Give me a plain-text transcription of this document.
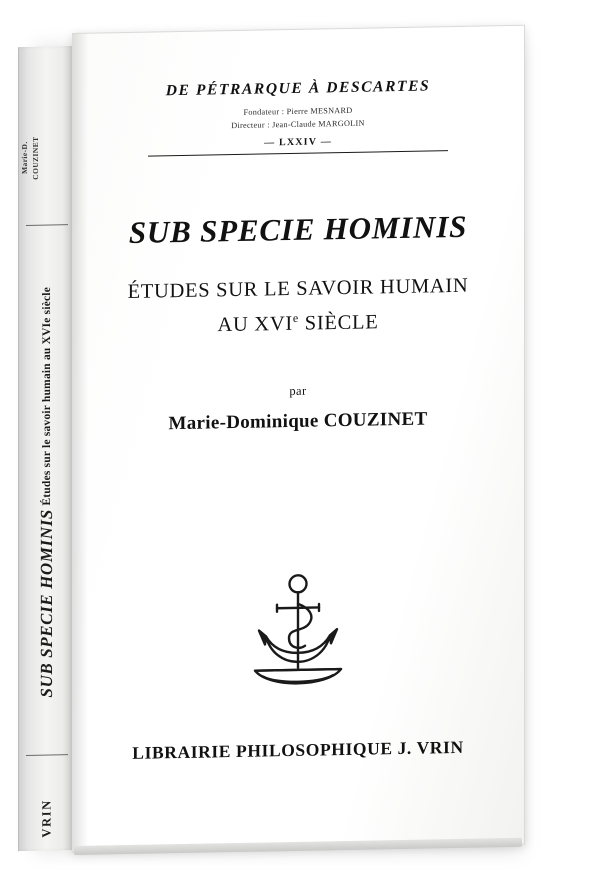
Marie-D. COUZINET
SUB SPECIE HOMINIS
Études sur le savoir humain au XVIe siècle
VRIN
DE PÉTRARQUE À DESCARTES
Fondateur : Pierre MESNARD
Directeur : Jean-Claude MARGOLIN
— LXXIV —
SUB SPECIE HOMINIS
ÉTUDES SUR LE SAVOIR HUMAIN
AU XVIe SIÈCLE
par
Marie-Dominique COUZINET
LIBRAIRIE PHILOSOPHIQUE J. VRIN
